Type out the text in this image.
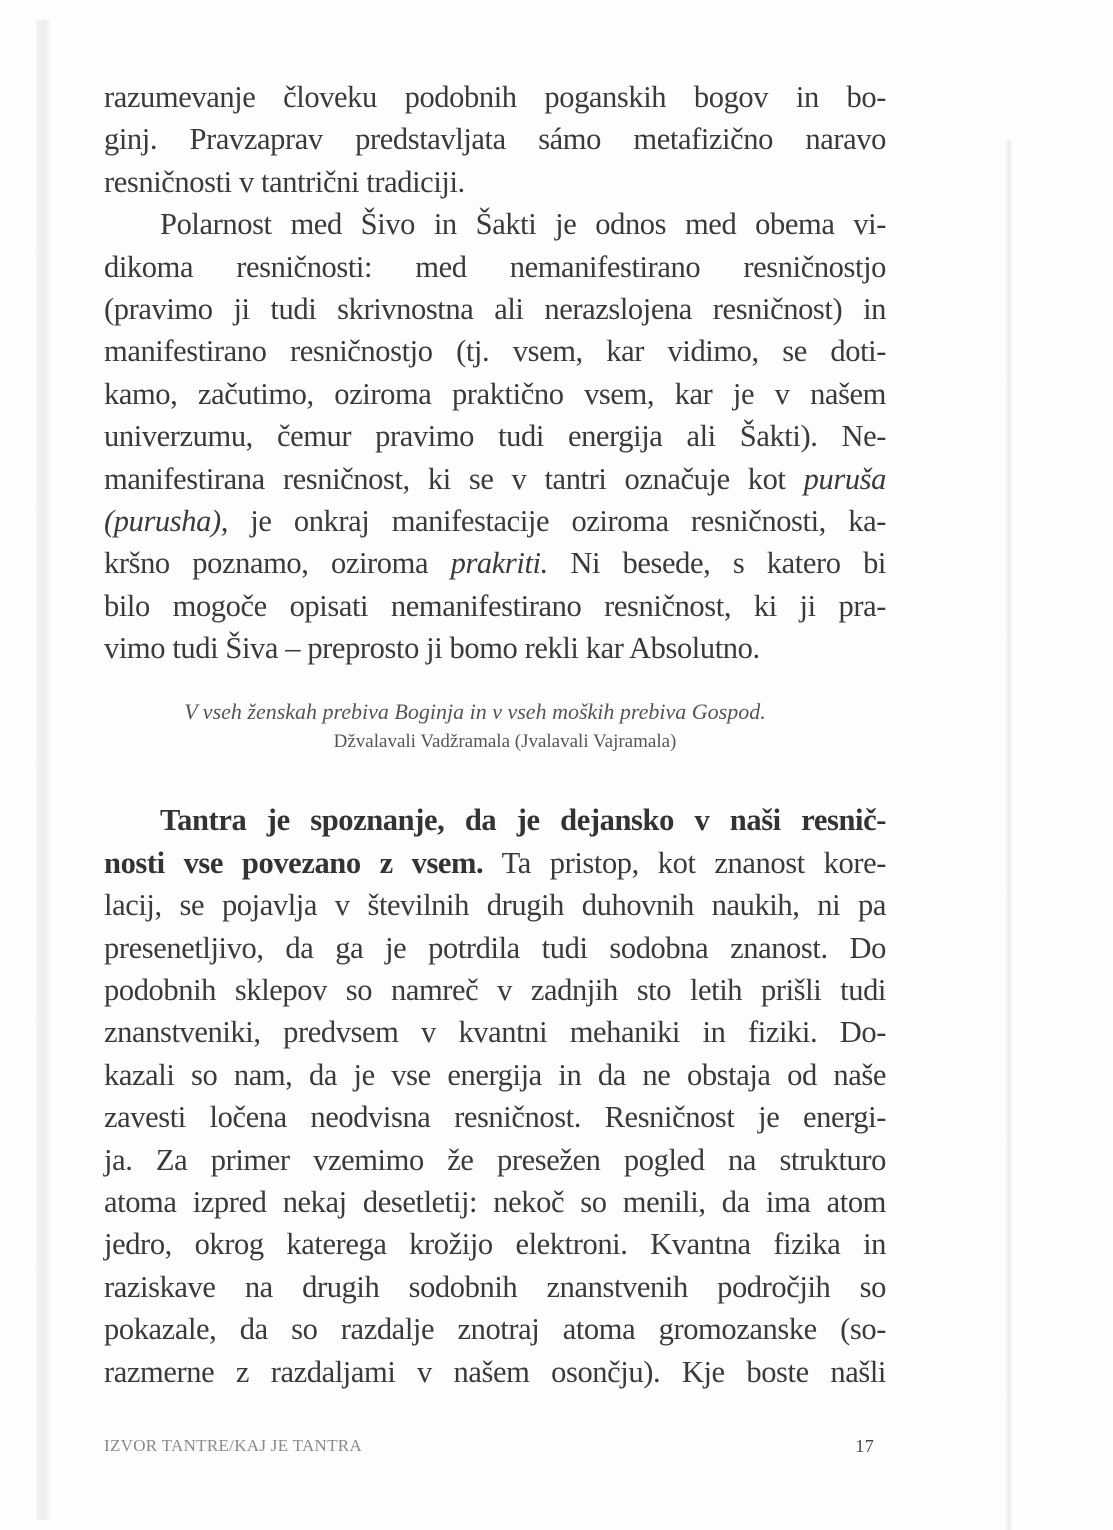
razumevanje človeku podobnih poganskih bogov in bo-
ginj. Pravzaprav predstavljata sámo metafizično naravo
resničnosti v tantrični tradiciji.
Polarnost med Šivo in Šakti je odnos med obema vi-
dikoma resničnosti: med nemanifestirano resničnostjo
(pravimo ji tudi skrivnostna ali nerazslojena resničnost) in
manifestirano resničnostjo (tj. vsem, kar vidimo, se doti-
kamo, začutimo, oziroma praktično vsem, kar je v našem
univerzumu, čemur pravimo tudi energija ali Šakti). Ne-
manifestirana resničnost, ki se v tantri označuje kot puruša
(purusha), je onkraj manifestacije oziroma resničnosti, ka-
kršno poznamo, oziroma prakriti. Ni besede, s katero bi
bilo mogoče opisati nemanifestirano resničnost, ki ji pra-
vimo tudi Šiva – preprosto ji bomo rekli kar Absolutno.
V vseh ženskah prebiva Boginja in v vseh moških prebiva Gospod.
Džvalavali Vadžramala (Jvalavali Vajramala)
Tantra je spoznanje, da je dejansko v naši resnič-
nosti vse povezano z vsem. Ta pristop, kot znanost kore-
lacij, se pojavlja v številnih drugih duhovnih naukih, ni pa
presenetljivo, da ga je potrdila tudi sodobna znanost. Do
podobnih sklepov so namreč v zadnjih sto letih prišli tudi
znanstveniki, predvsem v kvantni mehaniki in fiziki. Do-
kazali so nam, da je vse energija in da ne obstaja od naše
zavesti ločena neodvisna resničnost. Resničnost je energi-
ja. Za primer vzemimo že presežen pogled na strukturo
atoma izpred nekaj desetletij: nekoč so menili, da ima atom
jedro, okrog katerega krožijo elektroni. Kvantna fizika in
raziskave na drugih sodobnih znanstvenih področjih so
pokazale, da so razdalje znotraj atoma gromozanske (so-
razmerne z razdaljami v našem osončju). Kje boste našli
IZVOR TANTRE/KAJ JE TANTRA	17
